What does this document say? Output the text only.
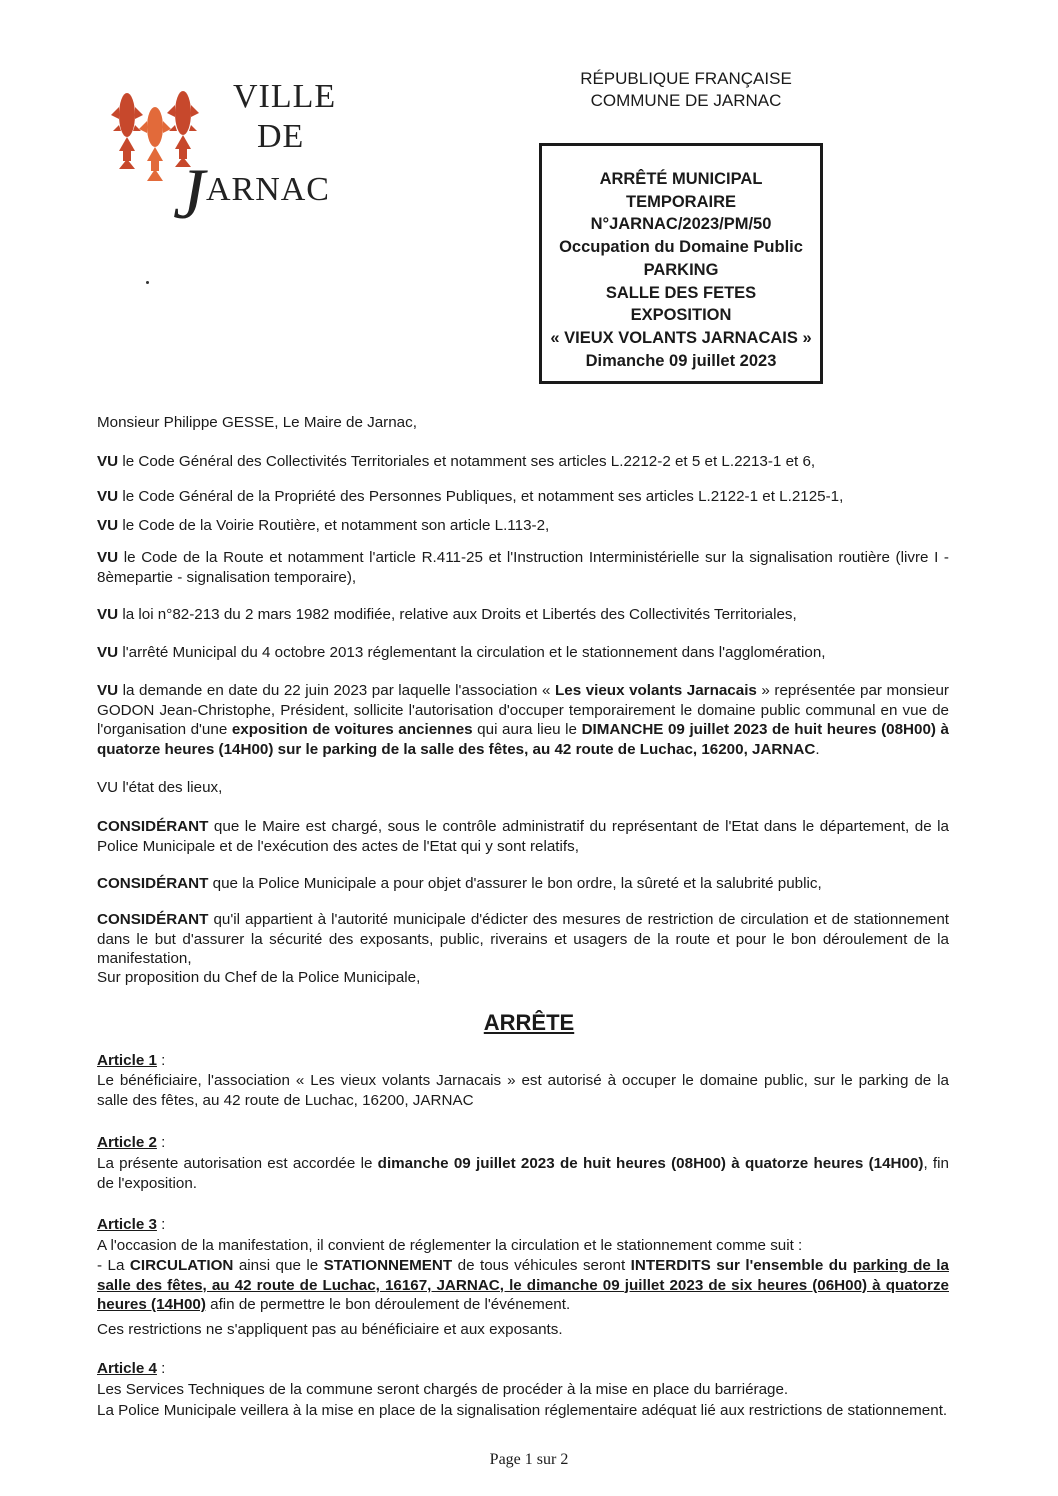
VILLE
DE
JARNAC
RÉPUBLIQUE FRANÇAISE
COMMUNE DE JARNAC
ARRÊTÉ MUNICIPAL
TEMPORAIRE
N°JARNAC/2023/PM/50
Occupation du Domaine Public
PARKING
SALLE DES FETES
EXPOSITION
« VIEUX VOLANTS JARNACAIS »
Dimanche 09 juillet 2023
Monsieur Philippe GESSE, Le Maire de Jarnac,
VU le Code Général des Collectivités Territoriales et notamment ses articles L.2212-2 et 5 et L.2213-1 et 6,
VU le Code Général de la Propriété des Personnes Publiques, et notamment ses articles L.2122-1 et L.2125-1,
VU le Code de la Voirie Routière, et notamment son article L.113-2,
VU le Code de la Route et notamment l'article R.411-25 et l'Instruction Interministérielle sur la signalisation routière (livre I - 8èmepartie - signalisation temporaire),
VU la loi n°82-213 du 2 mars 1982 modifiée, relative aux Droits et Libertés des Collectivités Territoriales,
VU l'arrêté Municipal du 4 octobre 2013 réglementant la circulation et le stationnement dans l'agglomération,
VU la demande en date du 22 juin 2023 par laquelle l'association « Les vieux volants Jarnacais » représentée par monsieur GODON Jean-Christophe, Président, sollicite l'autorisation d'occuper temporairement le domaine public communal en vue de l'organisation d'une exposition de voitures anciennes qui aura lieu le DIMANCHE 09 juillet 2023 de huit heures (08H00) à quatorze heures (14H00) sur le parking de la salle des fêtes, au 42 route de Luchac, 16200, JARNAC.
VU l'état des lieux,
CONSIDÉRANT que le Maire est chargé, sous le contrôle administratif du représentant de l'Etat dans le département, de la Police Municipale et de l'exécution des actes de l'Etat qui y sont relatifs,
CONSIDÉRANT que la Police Municipale a pour objet d'assurer le bon ordre, la sûreté et la salubrité public,
CONSIDÉRANT qu'il appartient à l'autorité municipale d'édicter des mesures de restriction de circulation et de stationnement dans le but d'assurer la sécurité des exposants, public, riverains et usagers de la route et pour le bon déroulement de la manifestation,
Sur proposition du Chef de la Police Municipale,
ARRÊTE
Article 1 :
Le bénéficiaire, l'association « Les vieux volants Jarnacais » est autorisé à occuper le domaine public, sur le parking de la salle des fêtes, au 42 route de Luchac, 16200, JARNAC
Article 2 :
La présente autorisation est accordée le dimanche 09 juillet 2023 de huit heures (08H00) à quatorze heures (14H00), fin de l'exposition.
Article 3 :
A l'occasion de la manifestation, il convient de réglementer la circulation et le stationnement comme suit :
- La CIRCULATION ainsi que le STATIONNEMENT de tous véhicules seront INTERDITS sur l'ensemble du parking de la salle des fêtes, au 42 route de Luchac, 16167, JARNAC, le dimanche 09 juillet 2023 de six heures (06H00) à quatorze heures (14H00) afin de permettre le bon déroulement de l'événement.
Ces restrictions ne s'appliquent pas au bénéficiaire et aux exposants.
Article 4 :
Les Services Techniques de la commune seront chargés de procéder à la mise en place du barriérage.
La Police Municipale veillera à la mise en place de la signalisation réglementaire adéquat lié aux restrictions de stationnement.
Page 1 sur 2
